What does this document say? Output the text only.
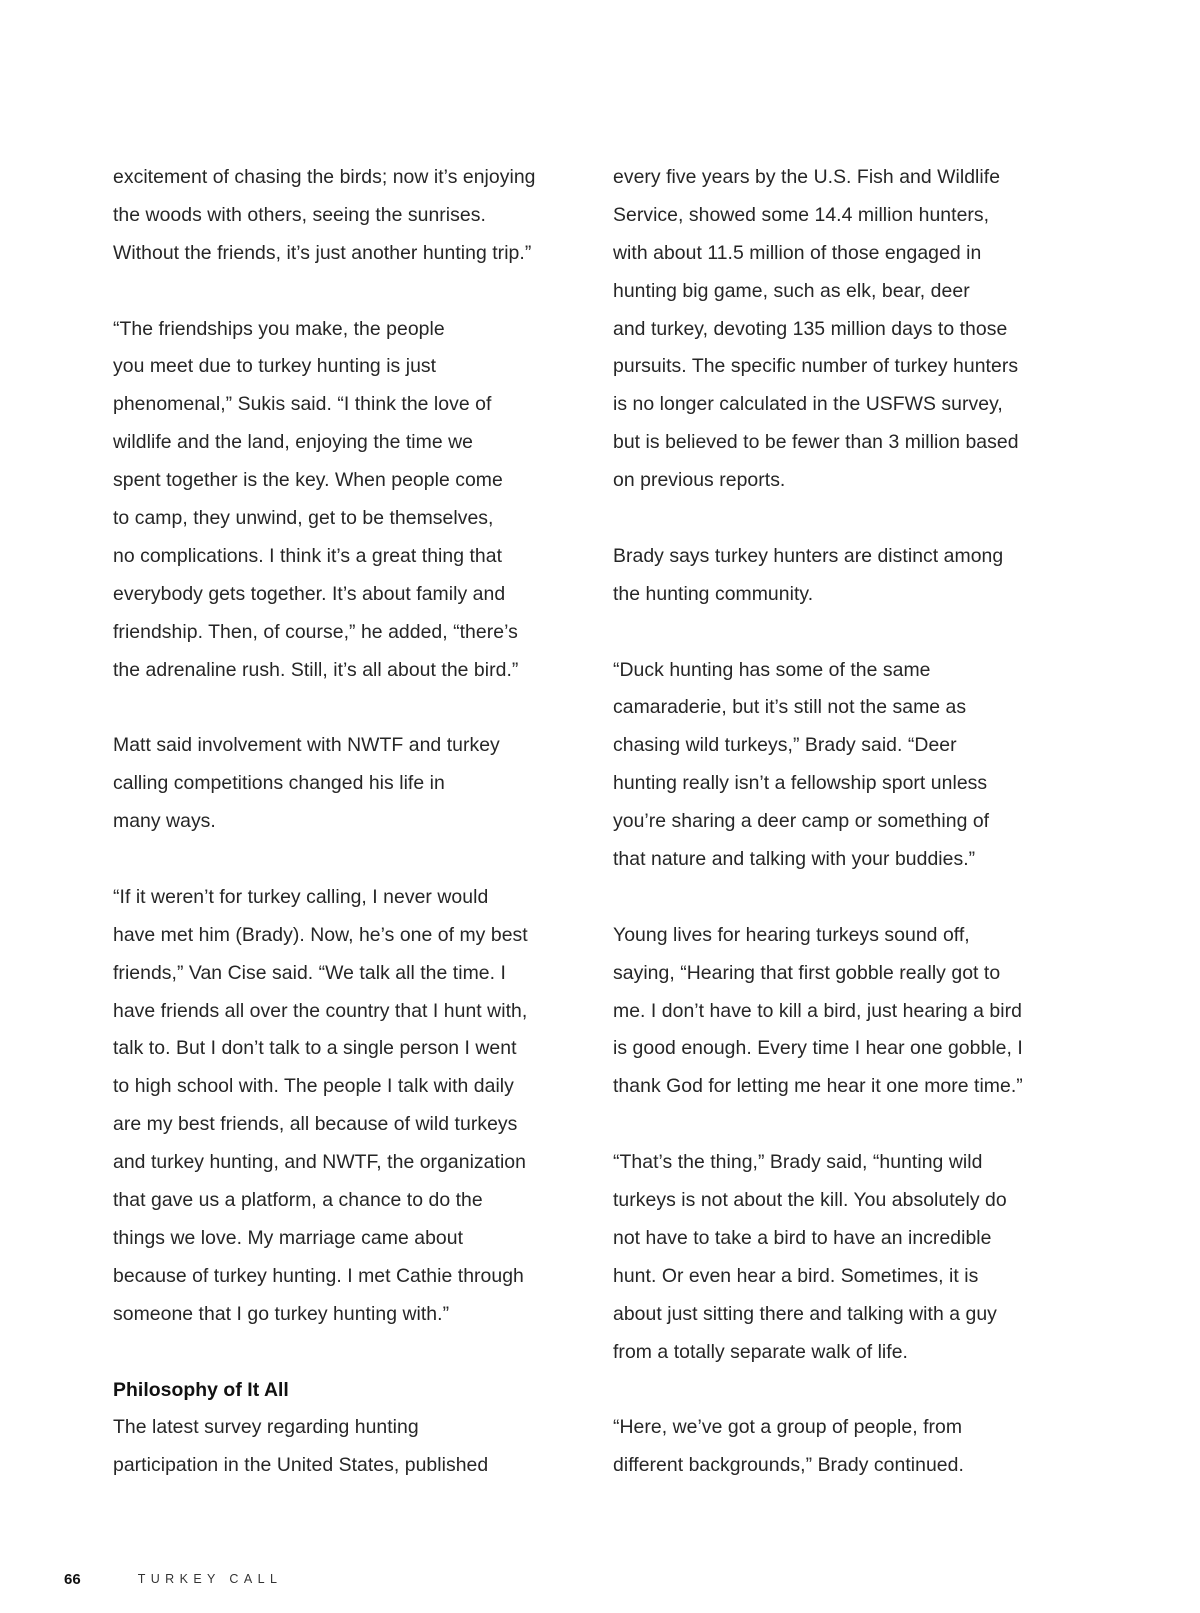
excitement of chasing the birds; now it’s enjoying
the woods with others, seeing the sunrises.
Without the friends, it’s just another hunting trip.”
“The friendships you make, the people
you meet due to turkey hunting is just
phenomenal,” Sukis said. “I think the love of
wildlife and the land, enjoying the time we
spent together is the key. When people come
to camp, they unwind, get to be themselves,
no complications. I think it’s a great thing that
everybody gets together. It’s about family and
friendship. Then, of course,” he added, “there’s
the adrenaline rush. Still, it’s all about the bird.”
Matt said involvement with NWTF and turkey
calling competitions changed his life in
many ways.
“If it weren’t for turkey calling, I never would
have met him (Brady). Now, he’s one of my best
friends,” Van Cise said. “We talk all the time. I
have friends all over the country that I hunt with,
talk to. But I don’t talk to a single person I went
to high school with. The people I talk with daily
are my best friends, all because of wild turkeys
and turkey hunting, and NWTF, the organization
that gave us a platform, a chance to do the
things we love. My marriage came about
because of turkey hunting. I met Cathie through
someone that I go turkey hunting with.”
Philosophy of It All
The latest survey regarding hunting
participation in the United States, published
every five years by the U.S. Fish and Wildlife
Service, showed some 14.4 million hunters,
with about 11.5 million of those engaged in
hunting big game, such as elk, bear, deer
and turkey, devoting 135 million days to those
pursuits. The specific number of turkey hunters
is no longer calculated in the USFWS survey,
but is believed to be fewer than 3 million based
on previous reports.
Brady says turkey hunters are distinct among
the hunting community.
“Duck hunting has some of the same
camaraderie, but it’s still not the same as
chasing wild turkeys,” Brady said. “Deer
hunting really isn’t a fellowship sport unless
you’re sharing a deer camp or something of
that nature and talking with your buddies.”
Young lives for hearing turkeys sound off,
saying, “Hearing that first gobble really got to
me. I don’t have to kill a bird, just hearing a bird
is good enough. Every time I hear one gobble, I
thank God for letting me hear it one more time.”
“That’s the thing,” Brady said, “hunting wild
turkeys is not about the kill. You absolutely do
not have to take a bird to have an incredible
hunt. Or even hear a bird. Sometimes, it is
about just sitting there and talking with a guy
from a totally separate walk of life.
“Here, we’ve got a group of people, from
different backgrounds,” Brady continued.
66	TURKEY CALL
